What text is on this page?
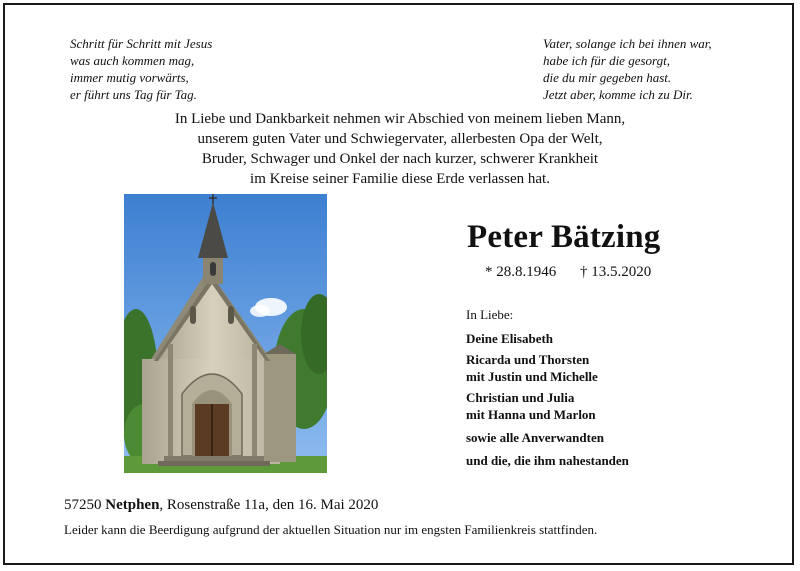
Schritt für Schritt mit Jesus
was auch kommen mag,
immer mutig vorwärts,
er führt uns Tag für Tag.
Vater, solange ich bei ihnen war,
habe ich für die gesorgt,
die du mir gegeben hast.
Jetzt aber, komme ich zu Dir.
In Liebe und Dankbarkeit nehmen wir Abschied von meinem lieben Mann,
unserem guten Vater und Schwiegervater, allerbesten Opa der Welt,
Bruder, Schwager und Onkel der nach kurzer, schwerer Krankheit
im Kreise seiner Familie diese Erde verlassen hat.
Peter Bätzing
* 28.8.1946 † 13.5.2020
In Liebe:
Deine Elisabeth
Ricarda und Thorsten
mit Justin und Michelle
Christian und Julia
mit Hanna und Marlon
sowie alle Anverwandten
und die, die ihm nahestanden
57250 Netphen, Rosenstraße 11a, den 16. Mai 2020
Leider kann die Beerdigung aufgrund der aktuellen Situation nur im engsten Familienkreis stattfinden.
